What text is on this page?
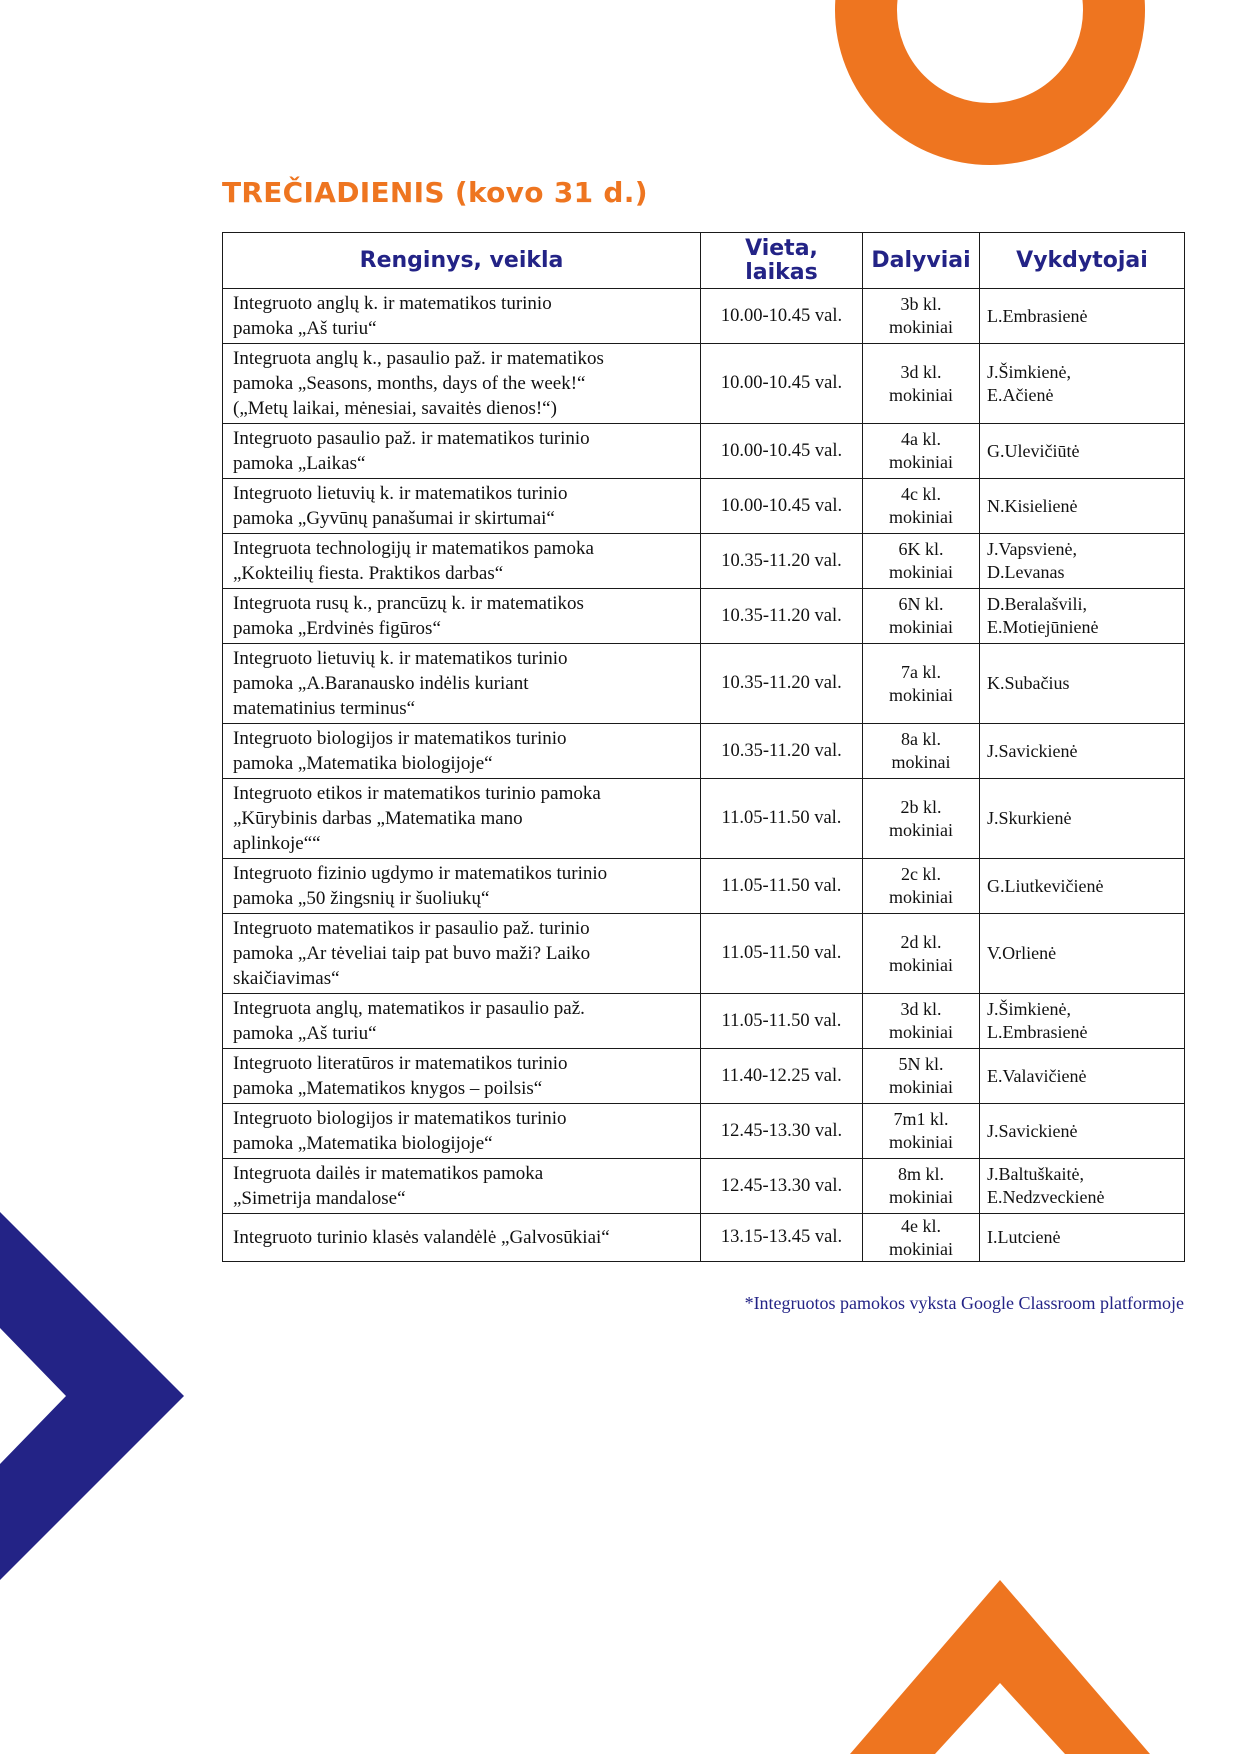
TREČIADIENIS (kovo 31 d.)
Renginys, veikla	Vieta,
laikas	Dalyviai	Vykdytojai

Integruoto anglų k. ir matematikos turinio
pamoka „Aš turiu“	10.00-10.45 val.	3b kl.
mokiniai	L.Embrasienė

Integruota anglų k., pasaulio paž. ir matematikos
pamoka „Seasons, months, days of the week!“
(„Metų laikai, mėnesiai, savaitės dienos!“)	10.00-10.45 val.	3d kl.
mokiniai	J.Šimkienė,
E.Ačienė

Integruoto pasaulio paž. ir matematikos turinio
pamoka „Laikas“	10.00-10.45 val.	4a kl.
mokiniai	G.Ulevičiūtė

Integruoto lietuvių k. ir matematikos turinio
pamoka „Gyvūnų panašumai ir skirtumai“	10.00-10.45 val.	4c kl.
mokiniai	N.Kisielienė

Integruota technologijų ir matematikos pamoka
„Kokteilių fiesta. Praktikos darbas“	10.35-11.20 val.	6K kl.
mokiniai	J.Vapsvienė,
D.Levanas

Integruota rusų k., prancūzų k. ir matematikos
pamoka „Erdvinės figūros“	10.35-11.20 val.	6N kl.
mokiniai	D.Beralašvili,
E.Motiejūnienė

Integruoto lietuvių k. ir matematikos turinio
pamoka „A.Baranausko indėlis kuriant
matematinius terminus“	10.35-11.20 val.	7a kl.
mokiniai	K.Subačius

Integruoto biologijos ir matematikos turinio
pamoka „Matematika biologijoje“	10.35-11.20 val.	8a kl.
mokinai	J.Savickienė

Integruoto etikos ir matematikos turinio pamoka
„Kūrybinis darbas „Matematika mano
aplinkoje““	11.05-11.50 val.	2b kl.
mokiniai	J.Skurkienė

Integruoto fizinio ugdymo ir matematikos turinio
pamoka „50 žingsnių ir šuoliukų“	11.05-11.50 val.	2c kl.
mokiniai	G.Liutkevičienė

Integruoto matematikos ir pasaulio paž. turinio
pamoka „Ar tėveliai taip pat buvo maži? Laiko
skaičiavimas“	11.05-11.50 val.	2d kl.
mokiniai	V.Orlienė

Integruota anglų, matematikos ir pasaulio paž.
pamoka „Aš turiu“	11.05-11.50 val.	3d kl.
mokiniai	J.Šimkienė,
L.Embrasienė

Integruoto literatūros ir matematikos turinio
pamoka „Matematikos knygos – poilsis“	11.40-12.25 val.	5N kl.
mokiniai	E.Valavičienė

Integruoto biologijos ir matematikos turinio
pamoka „Matematika biologijoje“	12.45-13.30 val.	7m1 kl.
mokiniai	J.Savickienė

Integruota dailės ir matematikos pamoka
„Simetrija mandalose“	12.45-13.30 val.	8m kl.
mokiniai	J.Baltuškaitė,
E.Nedzveckienė

Integruoto turinio klasės valandėlė „Galvosūkiai“	13.15-13.45 val.	4e kl.
mokiniai	I.Lutcienė

*Integruotos pamokos vyksta Google Classroom platformoje
